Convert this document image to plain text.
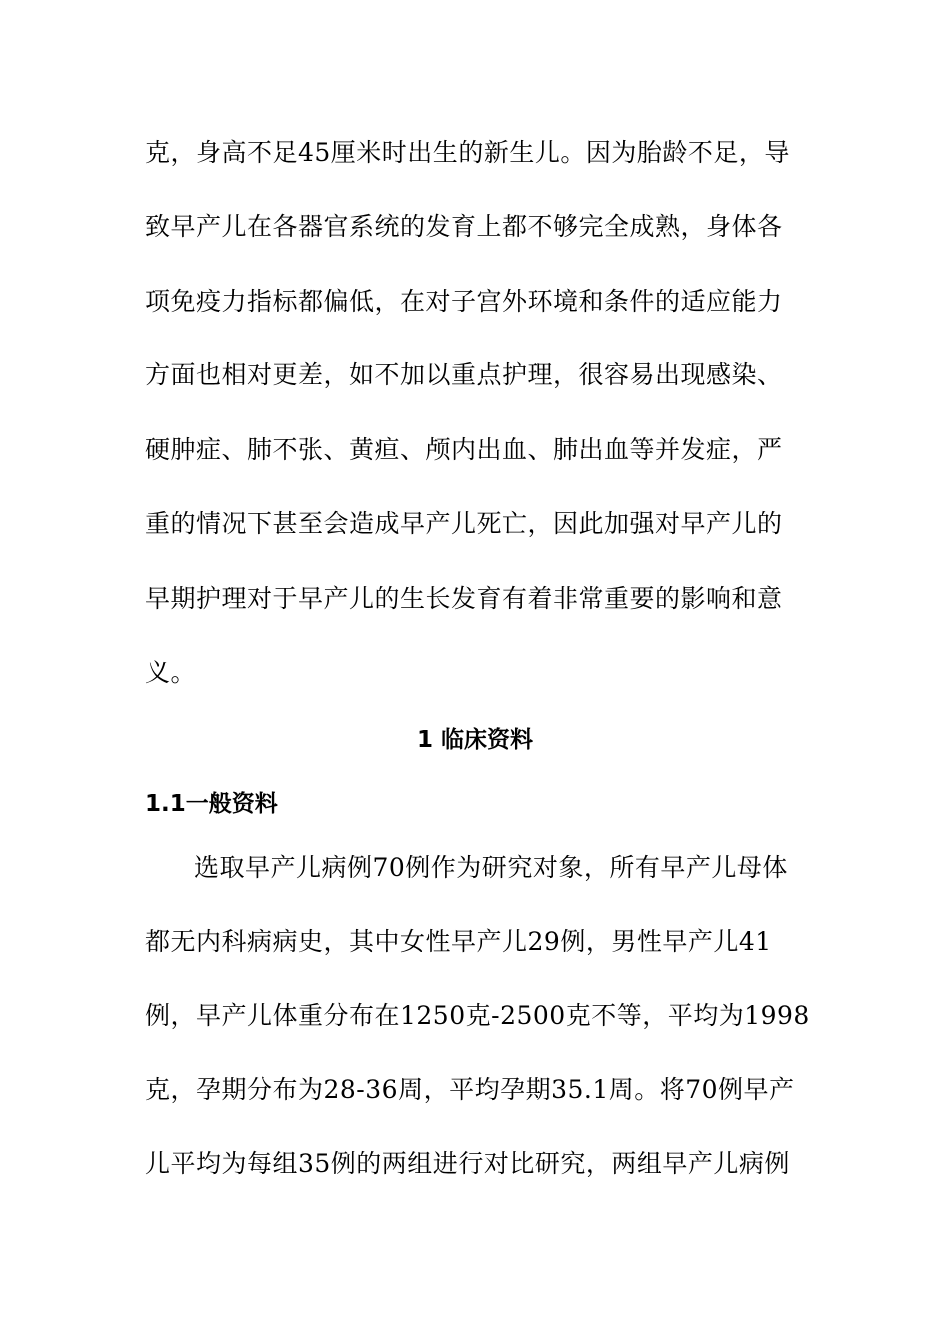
克，身高不足45厘米时出生的新生儿。因为胎龄不足，导
致早产儿在各器官系统的发育上都不够完全成熟，身体各
项免疫力指标都偏低，在对子宫外环境和条件的适应能力
方面也相对更差，如不加以重点护理，很容易出现感染、
硬肿症、肺不张、黄疸、颅内出血、肺出血等并发症，严
重的情况下甚至会造成早产儿死亡，因此加强对早产儿的
早期护理对于早产儿的生长发育有着非常重要的影响和意
义。
1 临床资料
1.1一般资料
选取早产儿病例70例作为研究对象，所有早产儿母体
都无内科病病史，其中女性早产儿29例，男性早产儿41
例，早产儿体重分布在1250克-2500克不等，平均为1998
克，孕期分布为28-36周，平均孕期35.1周。将70例早产
儿平均为每组35例的两组进行对比研究，两组早产儿病例
